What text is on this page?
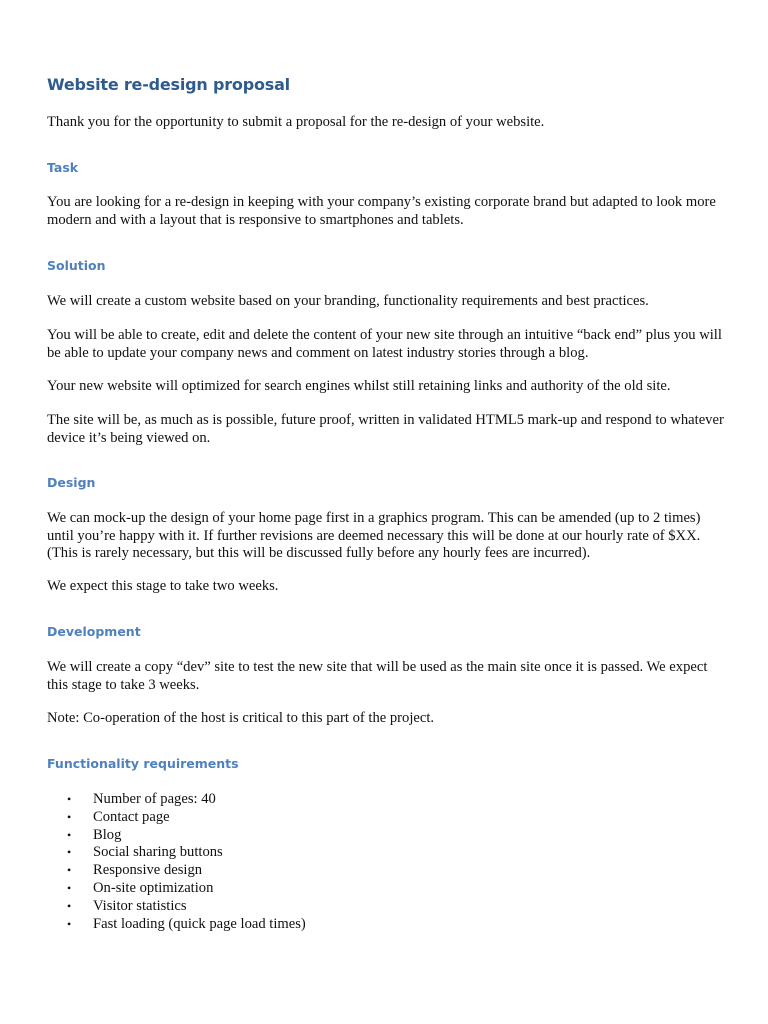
Website re-design proposal

Thank you for the opportunity to submit a proposal for the re-design of your website.

Task

You are looking for a re-design in keeping with your company’s existing corporate brand but adapted to look more modern and with a layout that is responsive to smartphones and tablets.

Solution

We will create a custom website based on your branding, functionality requirements and best practices.

You will be able to create, edit and delete the content of your new site through an intuitive “back end” plus you will be able to update your company news and comment on latest industry stories through a blog.

Your new website will optimized for search engines whilst still retaining links and authority of the old site.

The site will be, as much as is possible, future proof, written in validated HTML5 mark-up and respond to whatever device it’s being viewed on.

Design

We can mock-up the design of your home page first in a graphics program. This can be amended (up to 2 times) until you’re happy with it. If further revisions are deemed necessary this will be done at our hourly rate of $XX. (This is rarely necessary, but this will be discussed fully before any hourly fees are incurred).

We expect this stage to take two weeks.

Development

We will create a copy “dev” site to test the new site that will be used as the main site once it is passed. We expect this stage to take 3 weeks.

Note: Co-operation of the host is critical to this part of the project.

Functionality requirements
• Number of pages: 40
• Contact page
• Blog
• Social sharing buttons
• Responsive design
• On-site optimization
• Visitor statistics
• Fast loading (quick page load times)
